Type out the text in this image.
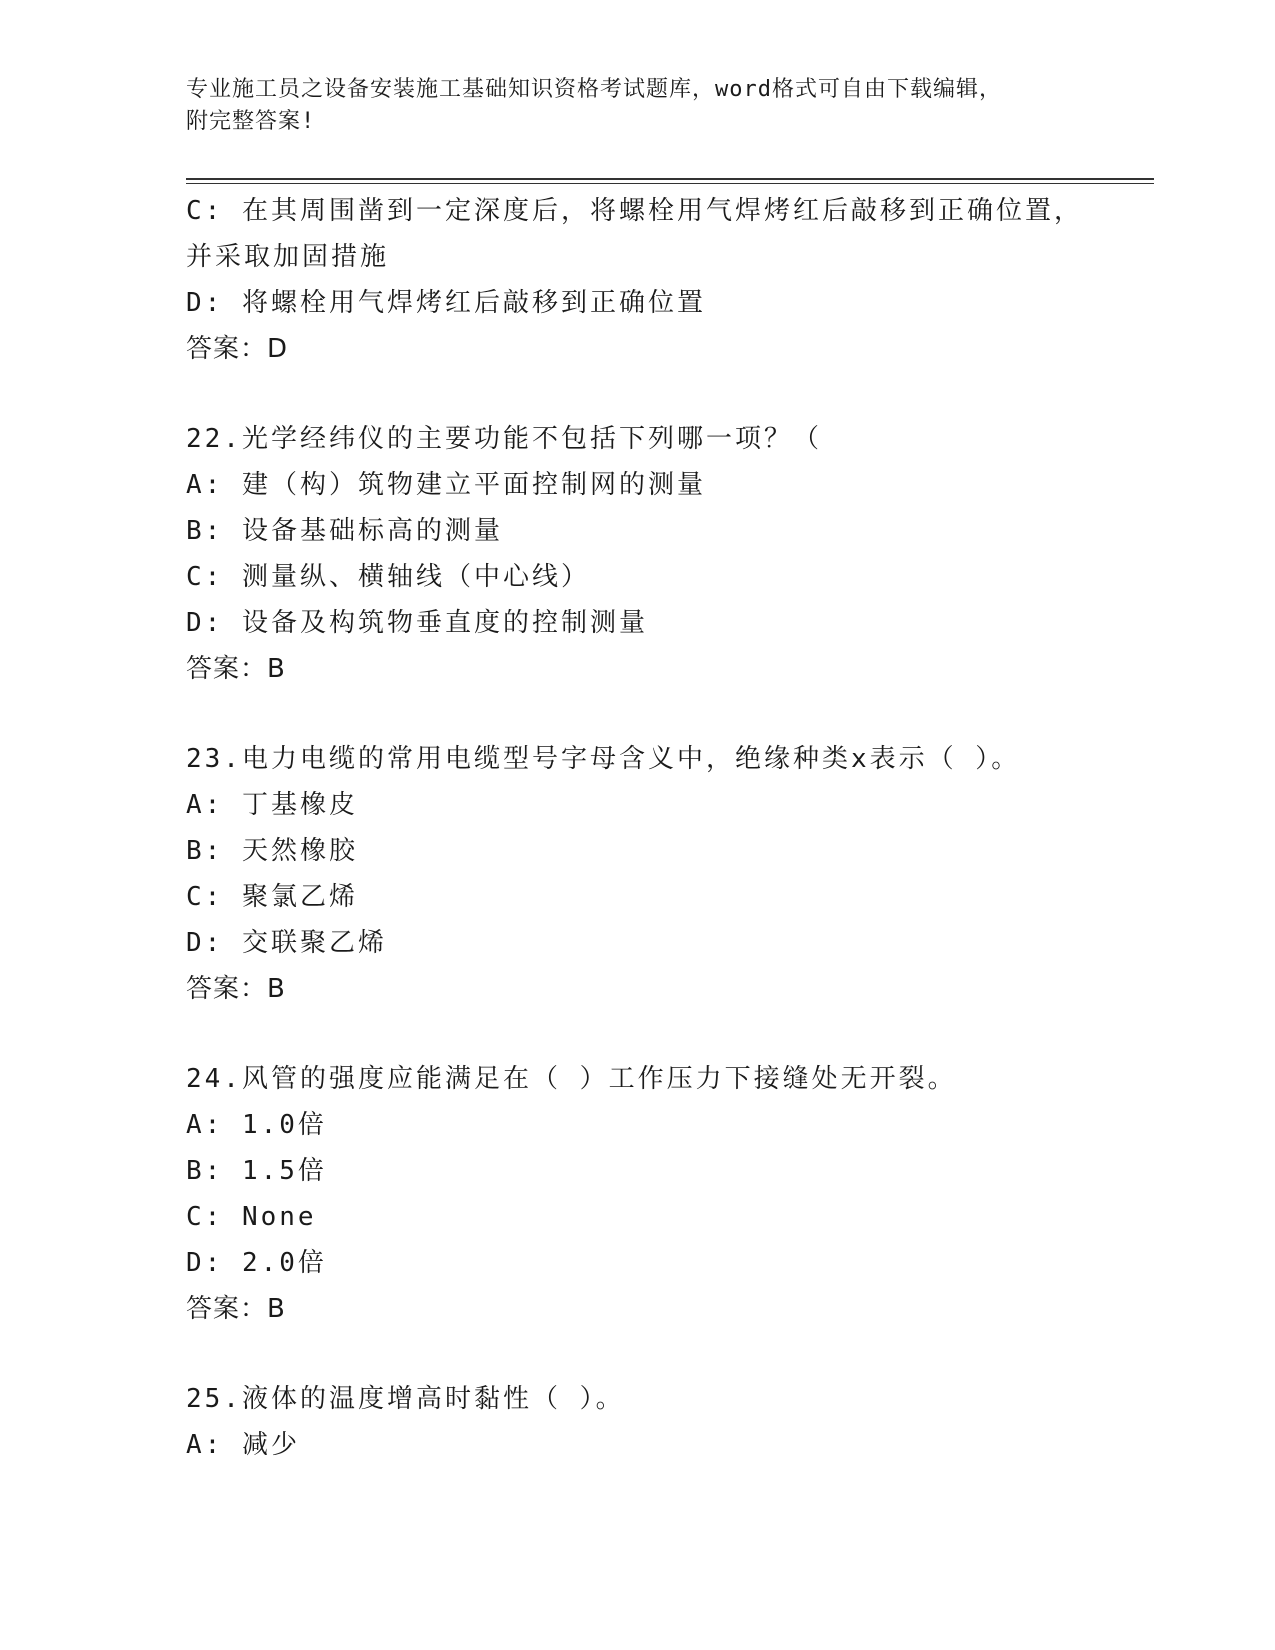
专业施工员之设备安装施工基础知识资格考试题库，word格式可自由下载编辑，
附完整答案!
C: 在其周围凿到一定深度后，将螺栓用气焊烤红后敲移到正确位置，
并采取加固措施
D: 将螺栓用气焊烤红后敲移到正确位置
答案：D
22.光学经纬仪的主要功能不包括下列哪一项？（
A: 建（构）筑物建立平面控制网的测量
B: 设备基础标高的测量
C: 测量纵、横轴线（中心线）
D: 设备及构筑物垂直度的控制测量
答案：B
23.电力电缆的常用电缆型号字母含义中，绝缘种类x表示（ ）。
A: 丁基橡皮
B: 天然橡胶
C: 聚氯乙烯
D: 交联聚乙烯
答案：B
24.风管的强度应能满足在（ ）工作压力下接缝处无开裂。
A: 1.0倍
B: 1.5倍
C: None
D: 2.0倍
答案：B
25.液体的温度增高时黏性（ ）。
A: 减少
